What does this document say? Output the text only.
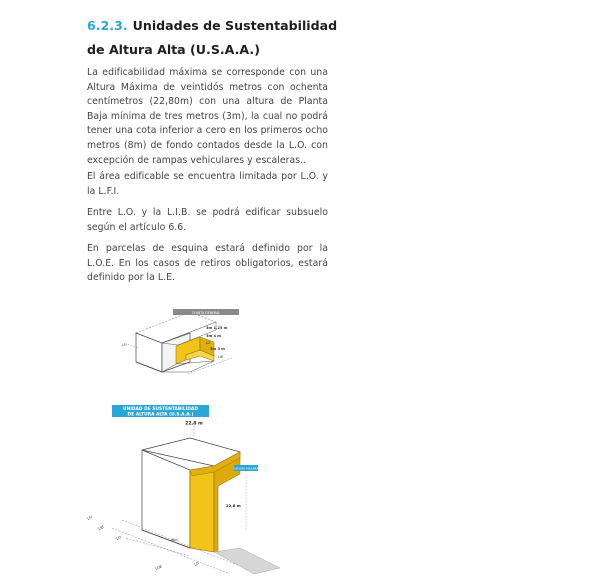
6.2.3. Unidades de Sustentabilidad de Altura Alta (U.S.A.A.)

La edificabilidad máxima se corresponde con una Altura Máxima de veintidós metros con ochenta centímetros (22,80m) con una altura de Planta Baja mínima de tres metros (3m), la cual no podrá tener una cota inferior a cero en los primeros ocho metros (8m) de fondo contados desde la L.O. con excepción de rampas vehiculares y escaleras..

El área edificable se encuentra limitada por L.O. y la L.F.I.

Entre L.O. y la L.I.B. se podrá edificar subsuelo según el artículo 6.6.

En parcelas de esquina estará definido por la L.O.E. En los casos de retiros obligatorios, estará definido por la L.E.

PLANTA GENERAL
3m 1,25 m
3m 4 m
3m 3 m
LFI	LO
LIB
UNIDAD DE SUSTENTABILIDAD
DE ALTURA ALTA (U.S.A.A.)
22,8 m
ALTURA MÁXIMA
22,8 m
LFI
LIB
LO
LOE
LO
16m
